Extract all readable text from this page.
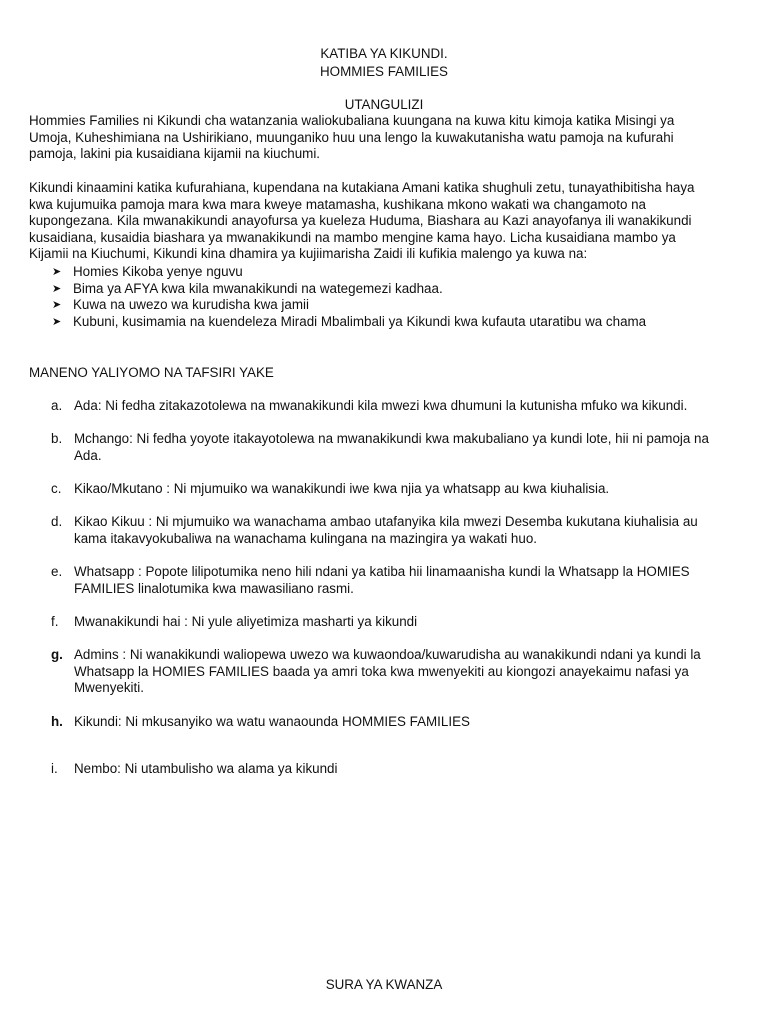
KATIBA YA KIKUNDI.
HOMMIES FAMILIES
UTANGULIZI
Hommies Families ni Kikundi cha watanzania waliokubaliana kuungana na kuwa kitu kimoja katika Misingi ya
Umoja, Kuheshimiana na Ushirikiano, muunganiko huu una lengo la kuwakutanisha watu pamoja na kufurahi
pamoja, lakini pia kusaidiana kijamii na kiuchumi.
Kikundi kinaamini katika kufurahiana, kupendana na kutakiana Amani katika shughuli zetu, tunayathibitisha haya
kwa kujumuika pamoja mara kwa mara kweye matamasha, kushikana mkono wakati wa changamoto na
kupongezana. Kila mwanakikundi anayofursa ya kueleza Huduma, Biashara au Kazi anayofanya ili wanakikundi
kusaidiana, kusaidia biashara ya mwanakikundi na mambo mengine kama hayo. Licha kusaidiana mambo ya
Kijamii na Kiuchumi, Kikundi kina dhamira ya kujiimarisha Zaidi ili kufikia malengo ya kuwa na:
➤ Homies Kikoba yenye nguvu
➤ Bima ya AFYA kwa kila mwanakikundi na wategemezi kadhaa.
➤ Kuwa na uwezo wa kurudisha kwa jamii
➤ Kubuni, kusimamia na kuendeleza Miradi Mbalimbali ya Kikundi kwa kufauta utaratibu wa chama
MANENO YALIYOMO NA TAFSIRI YAKE
a. Ada: Ni fedha zitakazotolewa na mwanakikundi kila mwezi kwa dhumuni la kutunisha mfuko wa kikundi.
b. Mchango: Ni fedha yoyote itakayotolewa na mwanakikundi kwa makubaliano ya kundi lote, hii ni pamoja na
Ada.
c. Kikao/Mkutano : Ni mjumuiko wa wanakikundi iwe kwa njia ya whatsapp au kwa kiuhalisia.
d. Kikao Kikuu : Ni mjumuiko wa wanachama ambao utafanyika kila mwezi Desemba kukutana kiuhalisia au
kama itakavyokubaliwa na wanachama kulingana na mazingira ya wakati huo.
e. Whatsapp : Popote lilipotumika neno hili ndani ya katiba hii linamaanisha kundi la Whatsapp la HOMIES
FAMILIES linalotumika kwa mawasiliano rasmi.
f.	Mwanakikundi hai : Ni yule aliyetimiza masharti ya kikundi
g. Admins : Ni wanakikundi waliopewa uwezo wa kuwaondoa/kuwarudisha au wanakikundi ndani ya kundi la
Whatsapp la HOMIES FAMILIES baada ya amri toka kwa mwenyekiti au kiongozi anayekaimu nafasi ya
Mwenyekiti.
h. Kikundi: Ni mkusanyiko wa watu wanaounda HOMMIES FAMILIES
i.	Nembo: Ni utambulisho wa alama ya kikundi
SURA YA KWANZA
